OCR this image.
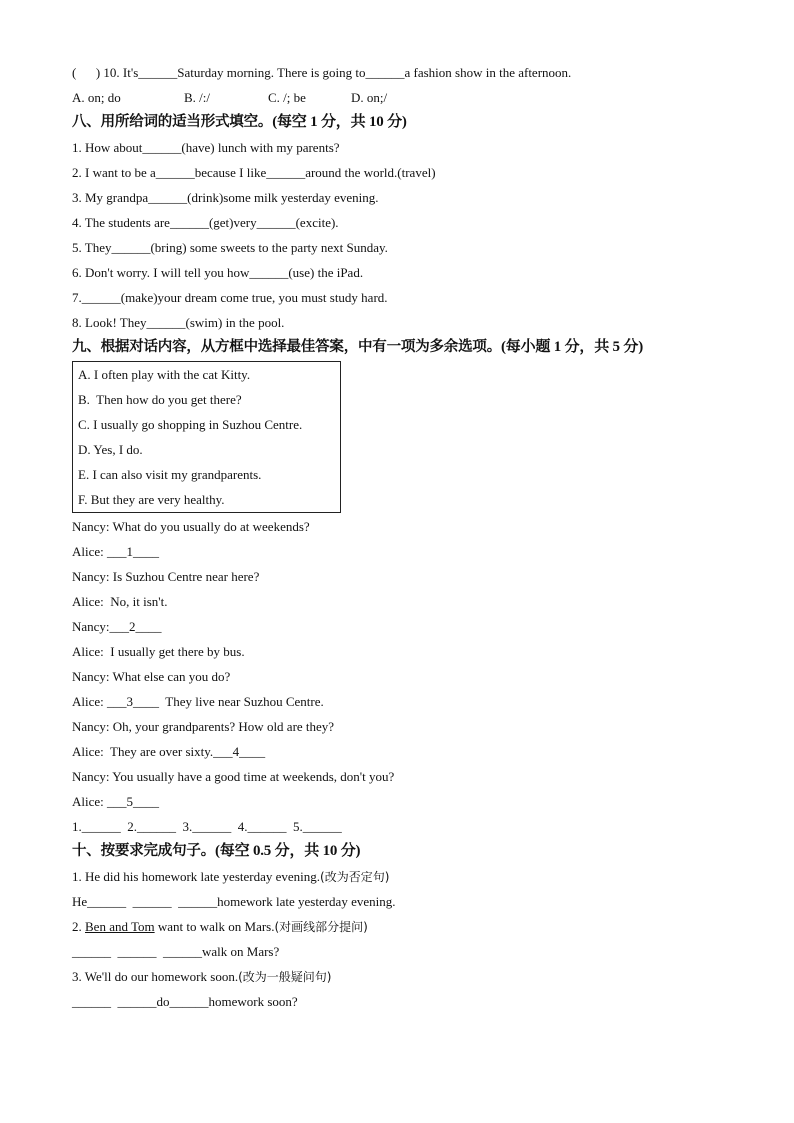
(      ) 10. It's______Saturday morning. There is going to______a fashion show in the afternoon.
A. on; do	B. /:/	C. /; be	D. on;/
八、用所给词的适当形式填空。(每空 1 分，共 10 分)
1. How about______(have) lunch with my parents?
2. I want to be a______because I like______around the world.(travel)
3. My grandpa______(drink)some milk yesterday evening.
4. The students are______(get)very______(excite).
5. They______(bring) some sweets to the party next Sunday.
6. Don't worry. I will tell you how______(use) the iPad.
7.______(make)your dream come true, you must study hard.
8. Look! They______(swim) in the pool.
九、根据对话内容，从方框中选择最佳答案，中有一项为多余选项。(每小题 1 分，共 5 分)
A. I often play with the cat Kitty.
B.  Then how do you get there?
C. I usually go shopping in Suzhou Centre.
D. Yes, I do.
E. I can also visit my grandparents.
F. But they are very healthy.
Nancy: What do you usually do at weekends?
Alice: ___1____
Nancy: Is Suzhou Centre near here?
Alice:  No, it isn't.
Nancy:___2____
Alice:  I usually get there by bus.
Nancy: What else can you do?
Alice: ___3____  They live near Suzhou Centre.
Nancy: Oh, your grandparents? How old are they?
Alice:  They are over sixty.___4____
Nancy: You usually have a good time at weekends, don't you?
Alice: ___5____
1.______  2.______  3.______  4.______  5.______
十、按要求完成句子。(每空 0.5 分，共 10 分)
1. He did his homework late yesterday evening.(改为否定句)
He______  ______  ______homework late yesterday evening.
2. Ben and Tom want to walk on Mars.(对画线部分提问)
______  ______  ______walk on Mars?
3. We'll do our homework soon.(改为一般疑问句)
______  ______do______homework soon?
